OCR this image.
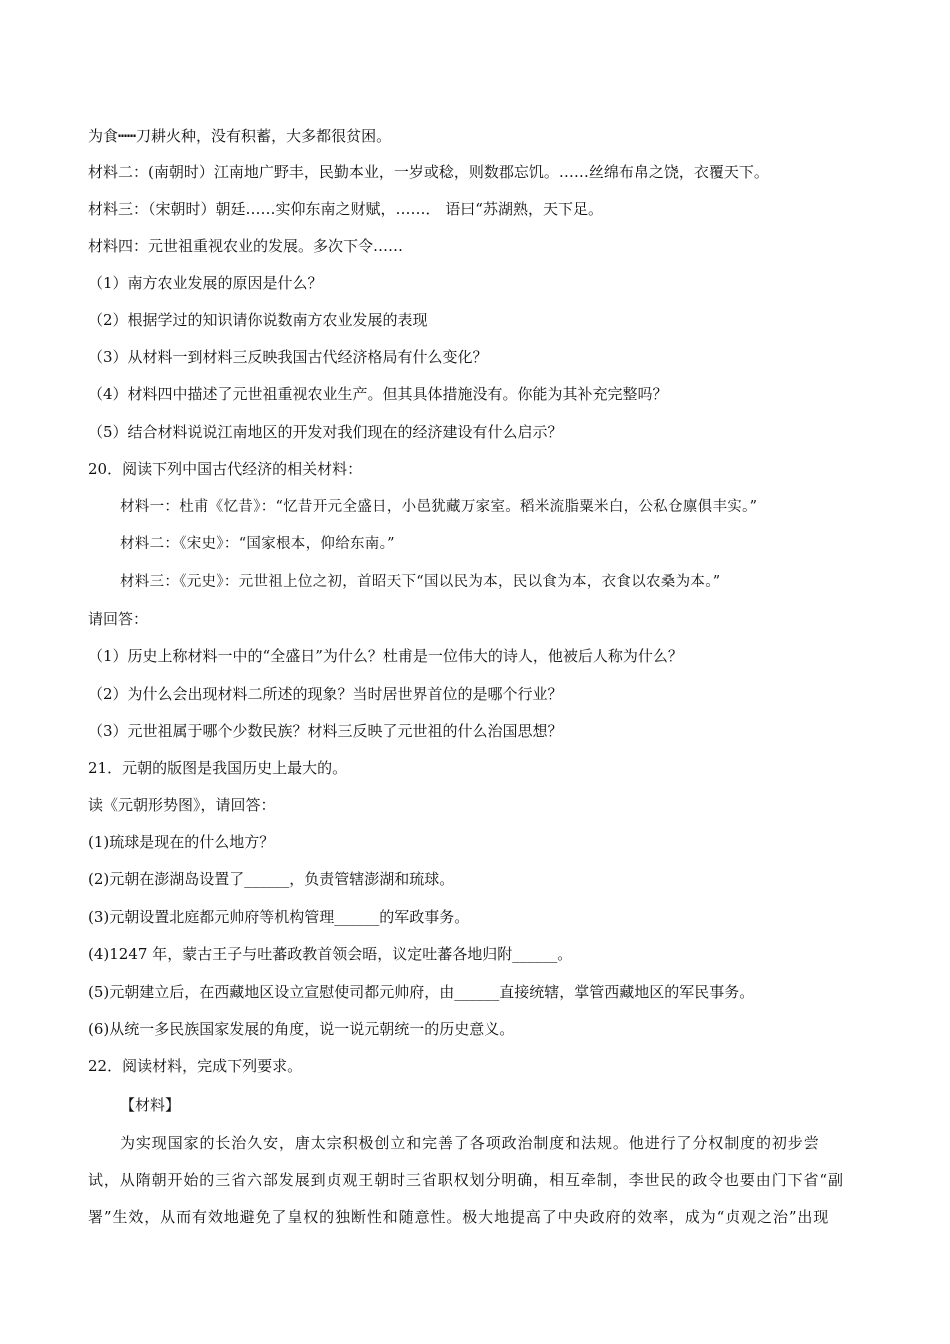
为食┅┅刀耕火种，没有积蓄，大多都很贫困。
材料二：(南朝时）江南地广野丰，民勤本业，一岁或稔，则数郡忘饥。……丝绵布帛之饶，衣覆天下。
材料三：（宋朝时）朝廷……实仰东南之财赋，……． 语曰“苏湖熟，天下足。
材料四：元世祖重视农业的发展。多次下令……
（1）南方农业发展的原因是什么？
（2）根据学过的知识请你说数南方农业发展的表现
（3）从材料一到材料三反映我国古代经济格局有什么变化？
（4）材料四中描述了元世祖重视农业生产。但其具体措施没有。你能为其补充完整吗？
（5）结合材料说说江南地区的开发对我们现在的经济建设有什么启示？
20．阅读下列中国古代经济的相关材料：
材料一：杜甫《忆昔》：“忆昔开元全盛日，小邑犹藏万家室。稻米流脂粟米白，公私仓廪俱丰实。”
材料二：《宋史》：“国家根本，仰给东南。”
材料三：《元史》：元世祖上位之初，首昭天下“国以民为本，民以食为本，衣食以农桑为本。”
请回答：
（1）历史上称材料一中的“全盛日”为什么？杜甫是一位伟大的诗人，他被后人称为什么？
（2）为什么会出现材料二所述的现象？当时居世界首位的是哪个行业？
（3）元世祖属于哪个少数民族？材料三反映了元世祖的什么治国思想？
21．元朝的版图是我国历史上最大的。
读《元朝形势图》，请回答：
(1)琉球是现在的什么地方？
(2)元朝在澎湖岛设置了______，负责管辖澎湖和琉球。
(3)元朝设置北庭都元帅府等机构管理______的军政事务。
(4)1247 年，蒙古王子与吐蕃政教首领会晤，议定吐蕃各地归附______。
(5)元朝建立后，在西藏地区设立宣慰使司都元帅府，由______直接统辖，掌管西藏地区的军民事务。
(6)从统一多民族国家发展的角度，说一说元朝统一的历史意义。
22．阅读材料，完成下列要求。
【材料】
为实现国家的长治久安，唐太宗积极创立和完善了各项政治制度和法规。他进行了分权制度的初步尝
试，从隋朝开始的三省六部发展到贞观王朝时三省职权划分明确，相互牵制，李世民的政令也要由门下省“副
署”生效，从而有效地避免了皇权的独断性和随意性。极大地提高了中央政府的效率，成为“贞观之治”出现
